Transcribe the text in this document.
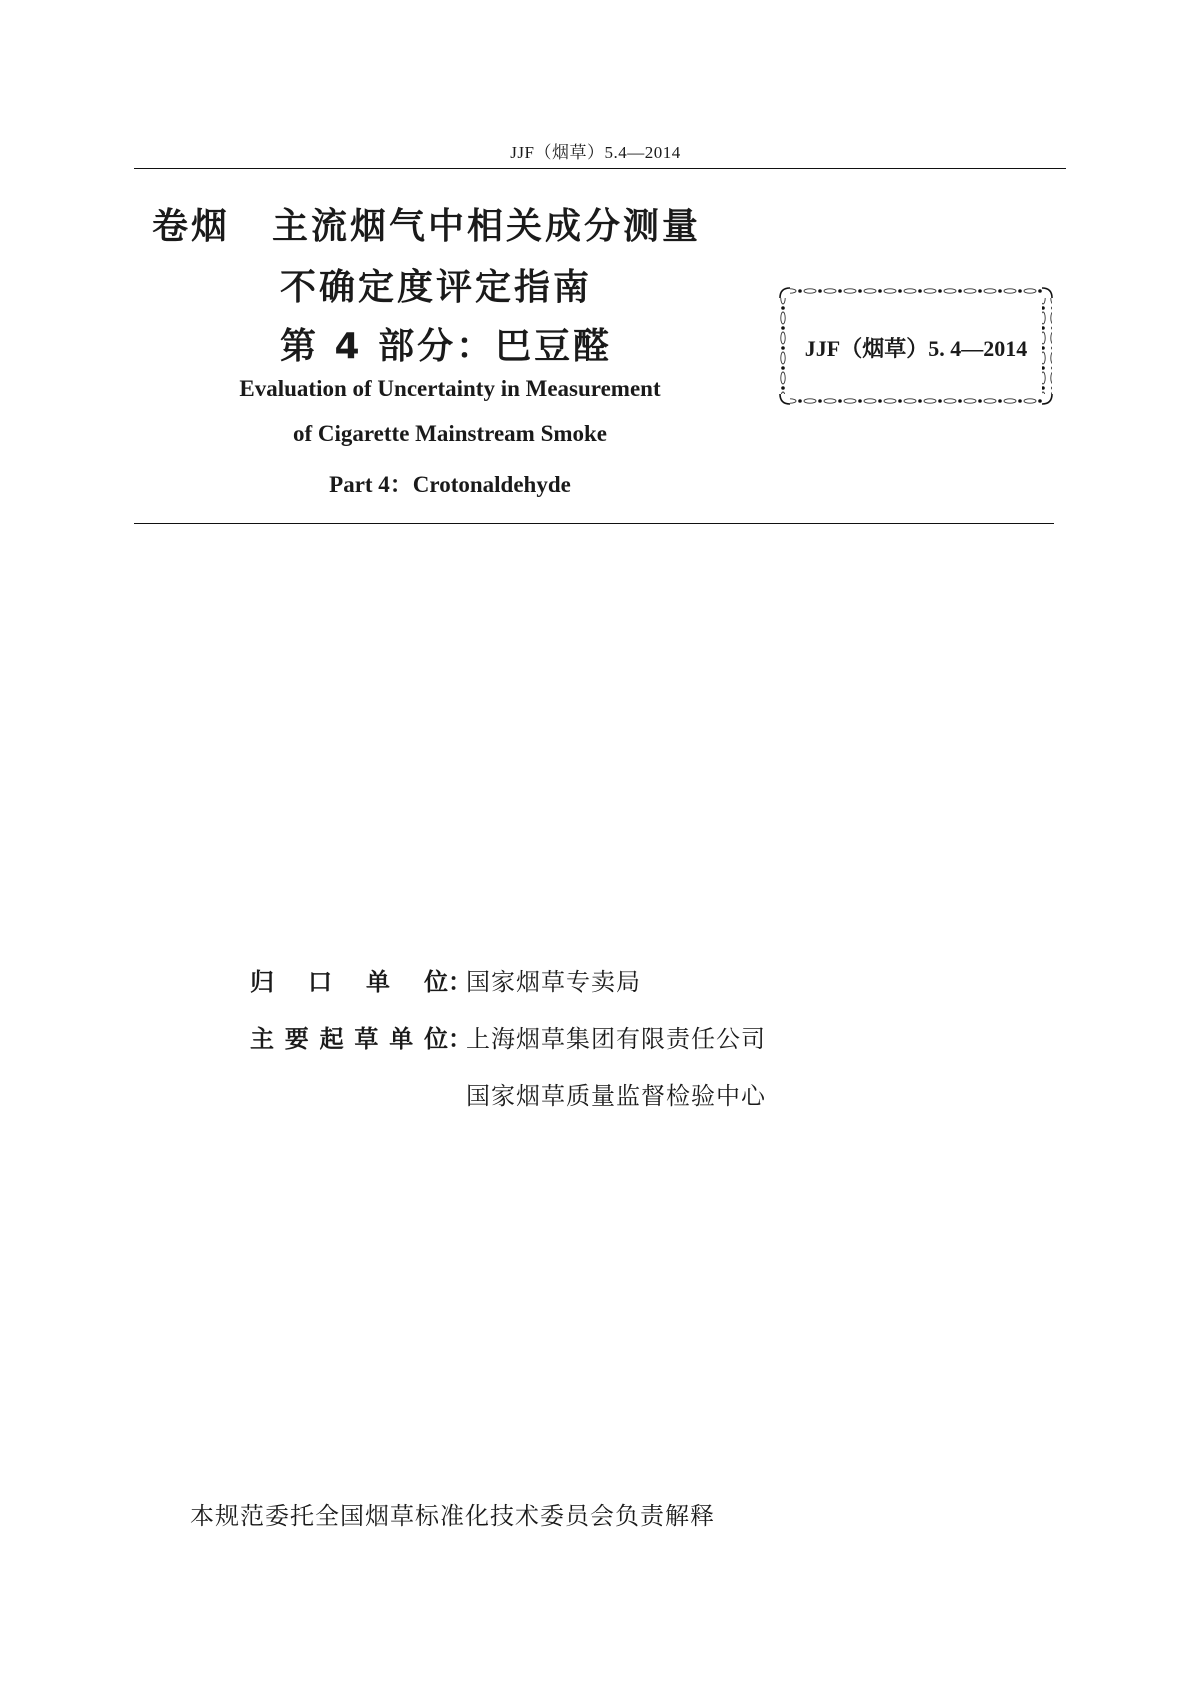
JJF（烟草）5.4—2014
卷烟 主流烟气中相关成分测量
不确定度评定指南
第 4 部分：巴豆醛
Evaluation of Uncertainty in Measurement
of Cigarette Mainstream Smoke
Part 4：Crotonaldehyde
JJF（烟草）5. 4—2014
归口单位 ：
国家烟草专卖局
主要起草单位 ：
上海烟草集团有限责任公司
国家烟草质量监督检验中心
本规范委托全国烟草标准化技术委员会负责解释
